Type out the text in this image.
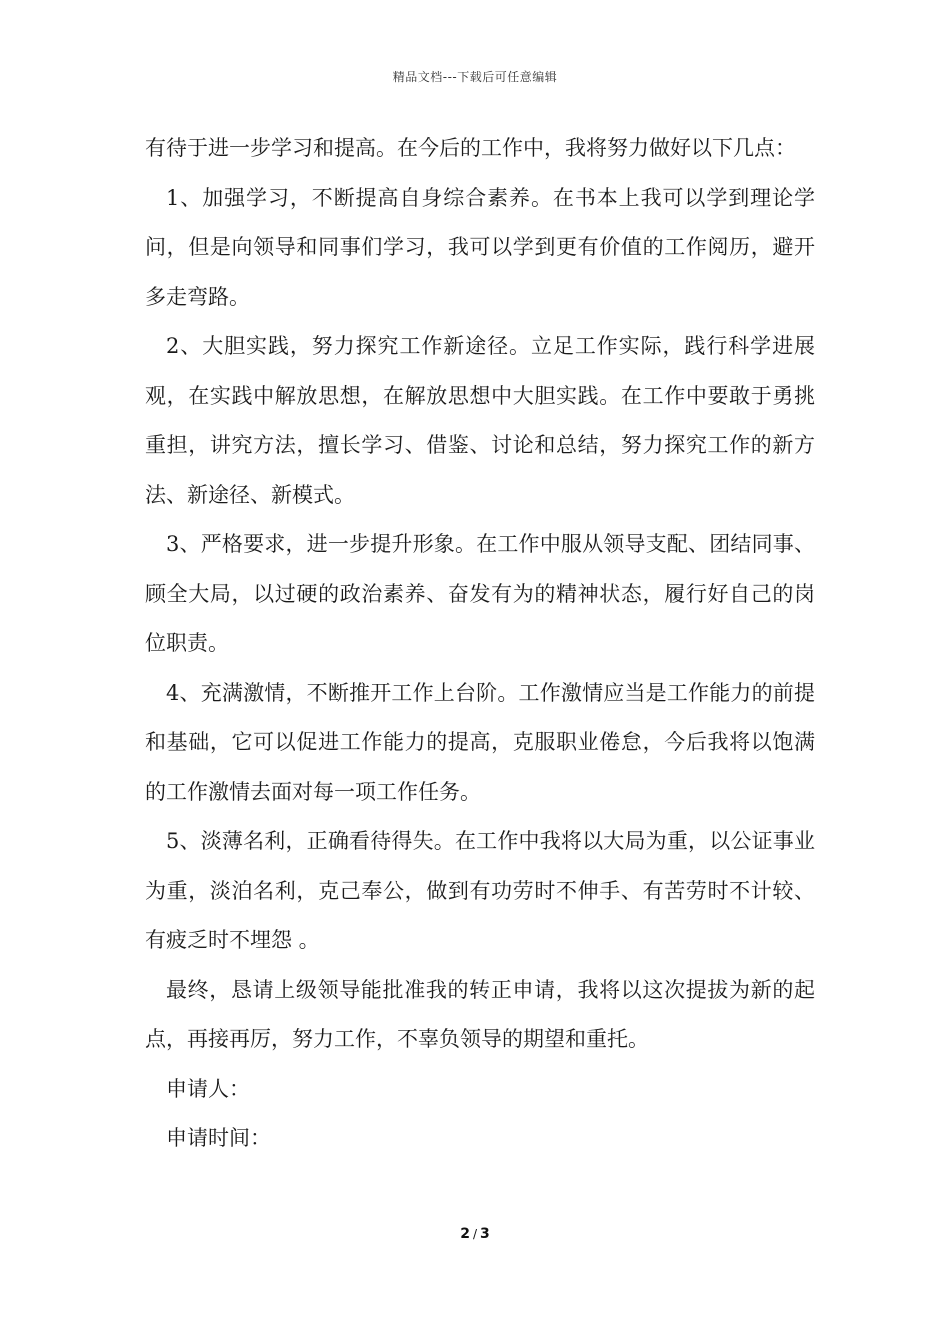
精品文档---下载后可任意编辑

有待于进一步学习和提高。在今后的工作中，我将努力做好以下几点：

1、加强学习，不断提高自身综合素养。在书本上我可以学到理论学问，但是向领导和同事们学习，我可以学到更有价值的工作阅历，避开多走弯路。

2、大胆实践，努力探究工作新途径。立足工作实际，践行科学进展观，在实践中解放思想，在解放思想中大胆实践。在工作中要敢于勇挑重担，讲究方法，擅长学习、借鉴、讨论和总结，努力探究工作的新方法、新途径、新模式。

3、严格要求，进一步提升形象。在工作中服从领导支配、团结同事、顾全大局，以过硬的政治素养、奋发有为的精神状态，履行好自己的岗位职责。

4、充满激情，不断推开工作上台阶。工作激情应当是工作能力的前提和基础，它可以促进工作能力的提高，克服职业倦怠，今后我将以饱满的工作激情去面对每一项工作任务。

5、淡薄名利，正确看待得失。在工作中我将以大局为重，以公证事业为重，淡泊名利，克己奉公，做到有功劳时不伸手、有苦劳时不计较、有疲乏时不埋怨 。

最终，恳请上级领导能批准我的转正申请，我将以这次提拔为新的起点，再接再厉，努力工作，不辜负领导的期望和重托。

申请人：

申请时间：

2 / 3
